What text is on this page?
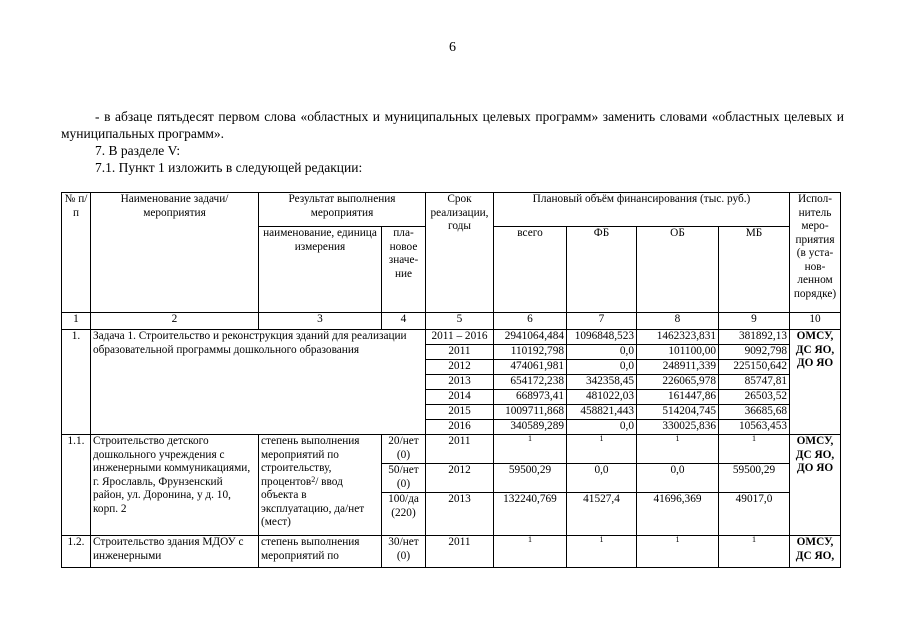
6
- в абзаце пятьдесят первом слова «областных и муниципальных целевых программ» заменить словами «областных целевых и муниципальных программ».
7. В разделе V:
7.1. Пункт 1 изложить в следующей редакции:
№ п/п	Наименование задачи/мероприятия	Результат выполнения мероприятия		Срок реализации, годы	Плановый объём финансирования (тыс. руб.)				Испол-нитель меро-приятия (в уста-нов-ленном порядке)
		наименование, единица измерения	пла-новое значе-ние		всего	ФБ	ОБ	МБ	
1	2	3	4	5	6	7	8	9	10
1.	Задача 1. Строительство и реконструкция зданий для реализации образовательной программы дошкольного образования			2011 – 2016	2941064,484	1096848,523	1462323,831	381892,13	ОМСУ, ДС ЯО, ДО ЯО
				2011	110192,798	0,0	101100,00	9092,798	
				2012	474061,981	0,0	248911,339	225150,642	
				2013	654172,238	342358,45	226065,978	85747,81	
				2014	668973,41	481022,03	161447,86	26503,52	
				2015	1009711,868	458821,443	514204,745	36685,68	
				2016	340589,289	0,0	330025,836	10563,453	
1.1.	Строительство детского дошкольного учреждения с инженерными коммуникациями, г. Ярославль, Фрунзенский район, ул. Доронина, у д. 10, корп. 2	степень выполнения мероприятий по строительству, процентов$^2$/ ввод объекта в эксплуатацию, да/нет (мест)	20/нет (0)	2011	1	1	1	1	ОМСУ, ДС ЯО, ДО ЯО
			50/нет (0)	2012	59500,29	0,0	0,0	59500,29	
			100/да (220)	2013	132240,769	41527,4	41696,369	49017,0	
1.2.	Строительство здания МДОУ с инженерными	степень выполнения мероприятий по	30/нет (0)	2011	1	1	1	1	ОМСУ, ДС ЯО,
